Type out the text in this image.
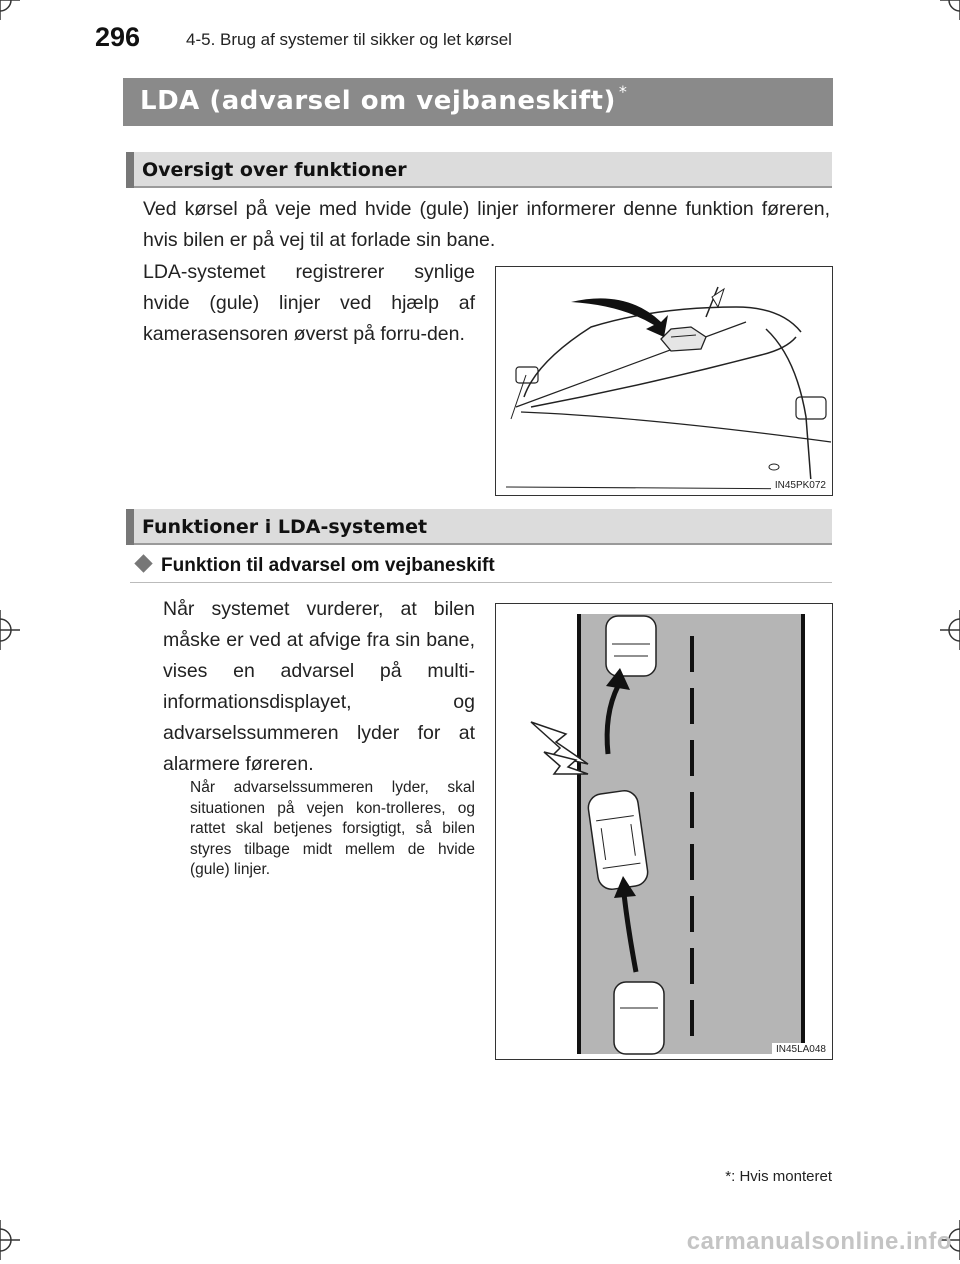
296	4-5. Brug af systemer til sikker og let kørsel
LDA (advarsel om vejbaneskift) *
Oversigt over funktioner
Ved kørsel på veje med hvide (gule) linjer informerer denne funktion føreren, hvis bilen er på vej til at forlade sin bane.
LDA-systemet registrerer synlige hvide (gule) linjer ved hjælp af kamerasensoren øverst på forru-den.
IN45PK072
Funktioner i LDA-systemet
Funktion til advarsel om vejbaneskift
Når systemet vurderer, at bilen måske er ved at afvige fra sin bane, vises en advarsel på multi-informationsdisplayet, og advarselssummeren lyder for at alarmere føreren.
Når advarselssummeren lyder, skal situationen på vejen kon-trolleres, og rattet skal betjenes forsigtigt, så bilen styres tilbage midt mellem de hvide (gule) linjer.
IN45LA048
*: Hvis monteret
carmanualsonline.info
